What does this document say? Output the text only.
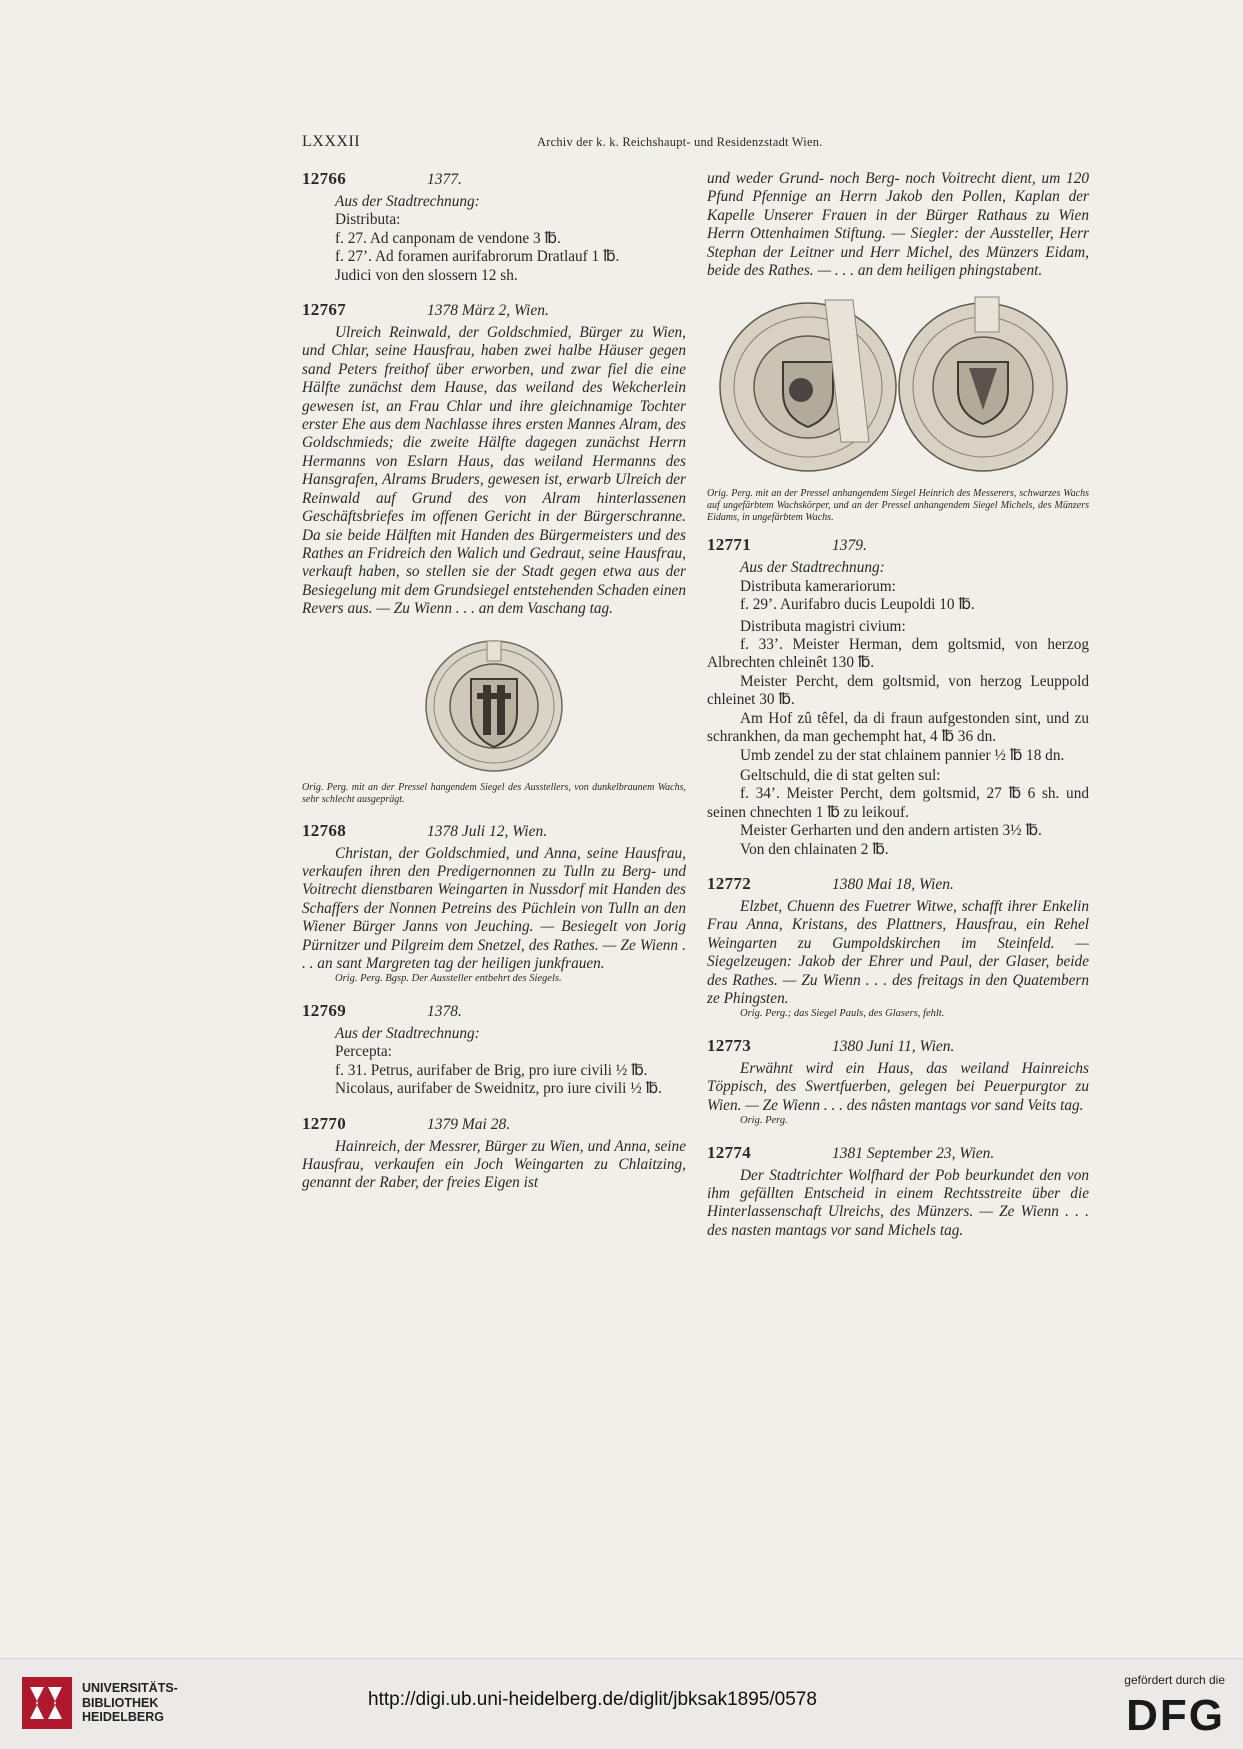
LXXXII	Archiv der k. k. Reichshaupt- und Residenzstadt Wien.
12766	1377.

Aus der Stadtrechnung:

Distributa:

f. 27. Ad canponam de vendone 3 ℔.

f. 27’. Ad foramen aurifabrorum Dratlauf 1 ℔.

Judici von den slossern 12 sh.

12767	1378 März 2, Wien.

Ulreich Reinwald, der Goldschmied, Bürger zu Wien, und Chlar, seine Hausfrau, haben zwei halbe Häuser gegen sand Peters freithof über erworben, und zwar fiel die eine Hälfte zunächst dem Hause, das weiland des Wekcherlein gewesen ist, an Frau Chlar und ihre gleichnamige Tochter erster Ehe aus dem Nachlasse ihres ersten Mannes Alram, des Goldschmieds; die zweite Hälfte dagegen zunächst Herrn Hermanns von Eslarn Haus, das weiland Hermanns des Hansgrafen, Alrams Bruders, gewesen ist, erwarb Ulreich der Reinwald auf Grund des von Alram hinterlassenen Geschäftsbriefes im offenen Gericht in der Bürgerschranne. Da sie beide Hälften mit Handen des Bürgermeisters und des Rathes an Fridreich den Walich und Gedraut, seine Hausfrau, verkauft haben, so stellen sie der Stadt gegen etwa aus der Besiegelung mit dem Grundsiegel entstehenden Schaden einen Revers aus. — Zu Wienn . . . an dem Vaschang tag.

Orig. Perg. mit an der Pressel hangendem Siegel des Ausstellers, von dunkelbraunem Wachs, sehr schlecht ausgeprägt.

12768	1378 Juli 12, Wien.

Christan, der Goldschmied, und Anna, seine Hausfrau, verkaufen ihren den Predigernonnen zu Tulln zu Berg- und Voitrecht dienstbaren Weingarten in Nussdorf mit Handen des Schaffers der Nonnen Petreins des Püchlein von Tulln an den Wiener Bürger Janns von Jeuching. — Besiegelt von Jorig Pürnitzer und Pilgreim dem Snetzel, des Rathes. — Ze Wienn . . . an sant Margreten tag der heiligen junkfrauen.

Orig. Perg. Bgsp. Der Aussteller entbehrt des Siegels.

12769	1378.

Aus der Stadtrechnung:

Percepta:

f. 31. Petrus, aurifaber de Brig, pro iure civili ½ ℔.

Nicolaus, aurifaber de Sweidnitz, pro iure civili ½ ℔.

12770	1379 Mai 28.

Hainreich, der Messrer, Bürger zu Wien, und Anna, seine Hausfrau, verkaufen ein Joch Weingarten zu Chlaitzing, genannt der Raber, der freies Eigen ist

und weder Grund- noch Berg- noch Voitrecht dient, um 120 Pfund Pfennige an Herrn Jakob den Pollen, Kaplan der Kapelle Unserer Frauen in der Bürger Rathaus zu Wien Herrn Ottenhaimen Stiftung. — Siegler: der Aussteller, Herr Stephan der Leitner und Herr Michel, des Münzers Eidam, beide des Rathes. — . . . an dem heiligen phingstabent.

Orig. Perg. mit an der Pressel anhangendem Siegel Heinrich des Messerers, schwarzes Wachs auf ungefärbtem Wachskörper, und an der Pressel anhangendem Siegel Michels, des Münzers Eidams, in ungefärbtem Wachs.

12771	1379.

Aus der Stadtrechnung:

Distributa kamerariorum:

f. 29’. Aurifabro ducis Leupoldi 10 ℔.

Distributa magistri civium:

f. 33’. Meister Herman, dem goltsmid, von herzog Albrechten chleinêt 130 ℔.

Meister Percht, dem goltsmid, von herzog Leuppold chleinet 30 ℔.

Am Hof zû têfel, da di fraun aufgestonden sint, und zu schrankhen, da man gechempht hat, 4 ℔ 36 dn.

Umb zendel zu der stat chlainem pannier ½ ℔ 18 dn.

Geltschuld, die di stat gelten sul:

f. 34’. Meister Percht, dem goltsmid, 27 ℔ 6 sh. und seinen chnechten 1 ℔ zu leikouf.

Meister Gerharten und den andern artisten 3½ ℔.

Von den chlainaten 2 ℔.

12772	1380 Mai 18, Wien.

Elzbet, Chuenn des Fuetrer Witwe, schafft ihrer Enkelin Frau Anna, Kristans, des Plattners, Hausfrau, ein Rehel Weingarten zu Gumpoldskirchen im Steinfeld. — Siegelzeugen: Jakob der Ehrer und Paul, der Glaser, beide des Rathes. — Zu Wienn . . . des freitags in den Quatembern ze Phingsten.

Orig. Perg.; das Siegel Pauls, des Glasers, fehlt.

12773	1380 Juni 11, Wien.

Erwähnt wird ein Haus, das weiland Hainreichs Töppisch, des Swertfuerben, gelegen bei Peuerpurgtor zu Wien. — Ze Wienn . . . des nâsten mantags vor sand Veits tag.

Orig. Perg.

12774	1381 September 23, Wien.

Der Stadtrichter Wolfhard der Pob beurkundet den von ihm gefällten Entscheid in einem Rechtsstreite über die Hinterlassenschaft Ulreichs, des Münzers. — Ze Wienn . . . des nasten mantags vor sand Michels tag.

UNIVERSITÄTS-
BIBLIOTHEK
HEIDELBERG
http://digi.ub.uni-heidelberg.de/diglit/jbksak1895/0578
gefördert durch die
DFG
